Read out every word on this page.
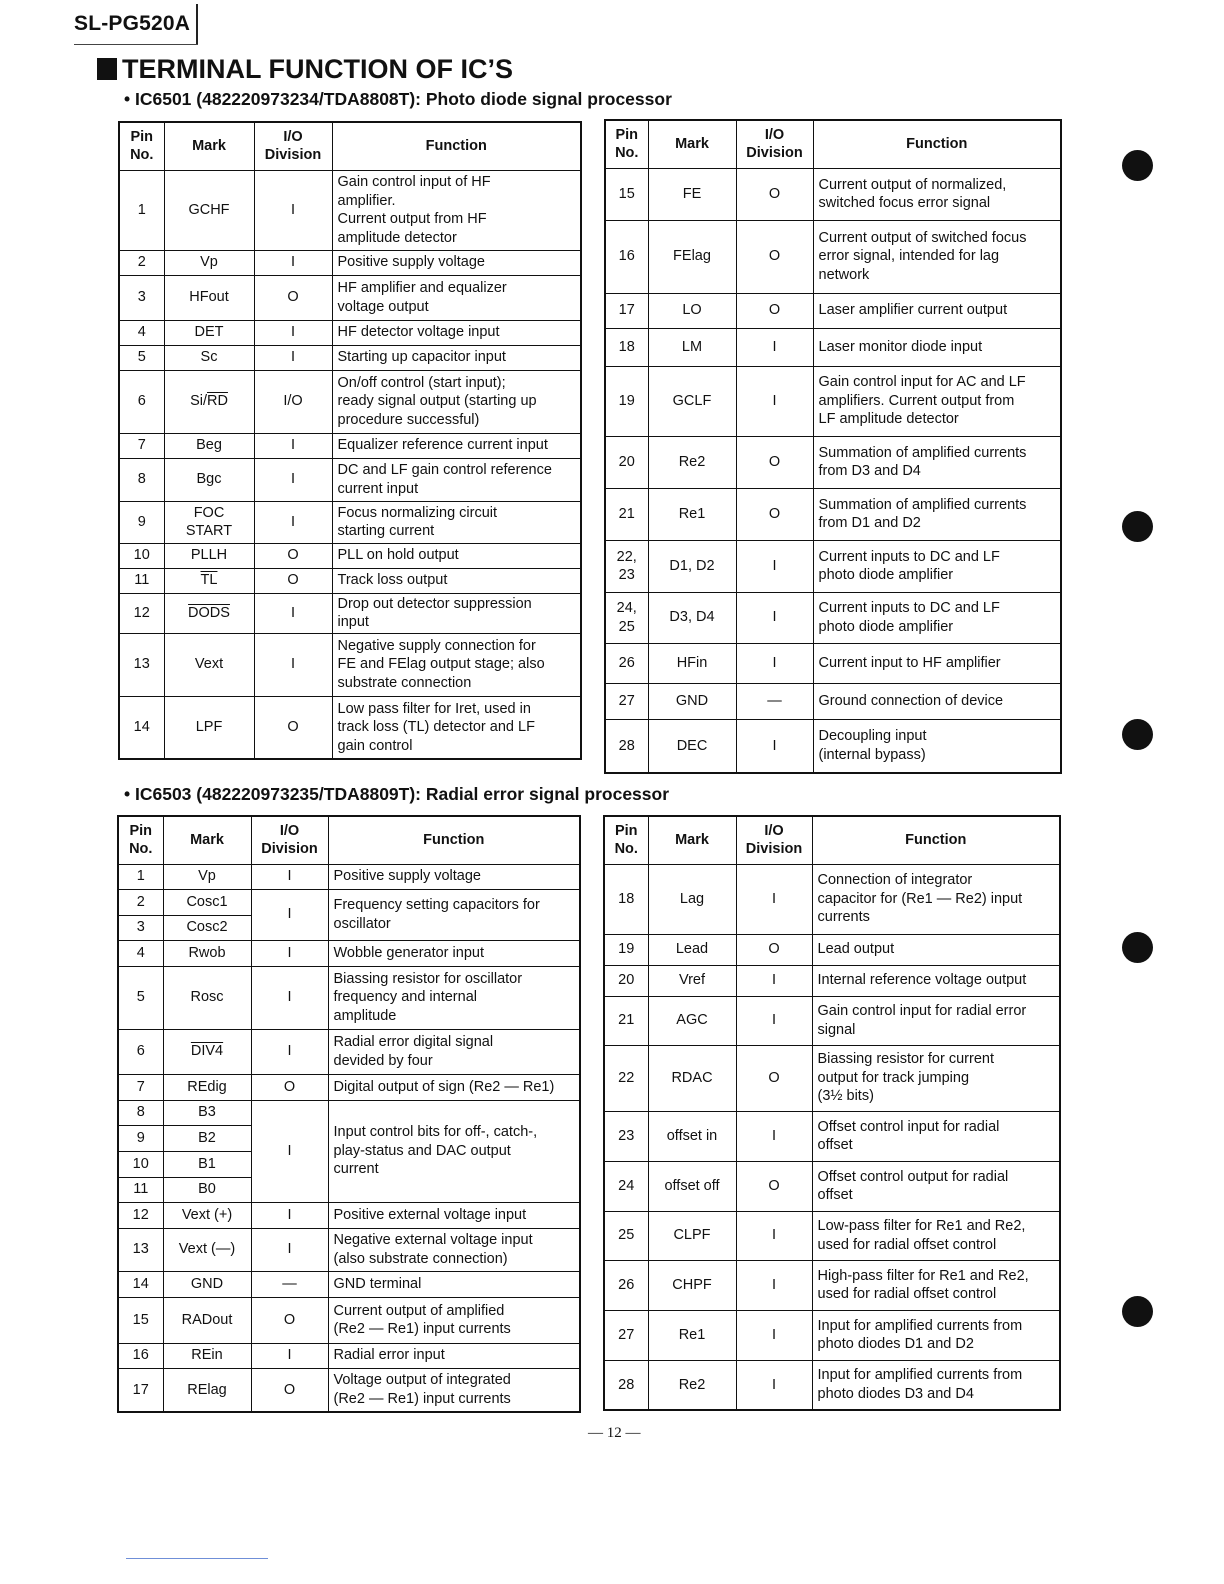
SL-PG520A
TERMINAL FUNCTION OF IC’S
• IC6501 (482220973234/TDA8808T): Photo diode signal processor
• IC6503 (482220973235/TDA8809T): Radial error signal processor
Pin
No.	Mark	I/O
Division	Function
1	GCHF	I	Gain control input of HF
amplifier.
Current output from HF
amplitude detector
2	Vp	I	Positive supply voltage
3	HFout	O	HF amplifier and equalizer
voltage output
4	DET	I	HF detector voltage input
5	Sc	I	Starting up capacitor input
6	$Si/\overline{RD}$	I/O	On/off control (start input);
ready signal output (starting up
procedure successful)
7	Beg	I	Equalizer reference current input
8	Bgc	I	DC and LF gain control reference
current input
9	FOC
START	I	Focus normalizing circuit
starting current
10	PLLH	O	PLL on hold output
11	$\overline{TL}$	O	Track loss output
12	DODS	I	Drop out detector suppression
input
13	Vext	I	Negative supply connection for
FE and FElag output stage; also
substrate connection
14	LPF	O	Low pass filter for Iret, used in
track loss (TL) detector and LF
gain control
Pin
No.	Mark	I/O
Division	Function
15	FE	O	Current output of normalized,
switched focus error signal
16	FElag	O	Current output of switched focus
error signal, intended for lag
network
17	LO	O	Laser amplifier current output
18	LM	I	Laser monitor diode input
19	GCLF	I	Gain control input for AC and LF
amplifiers. Current output from
LF amplitude detector
20	Re2	O	Summation of amplified currents
from D3 and D4
21	Re1	O	Summation of amplified currents
from D1 and D2
22,
23	D1, D2	I	Current inputs to DC and LF
photo diode amplifier
24,
25	D3, D4	I	Current inputs to DC and LF
photo diode amplifier
26	HFin	I	Current input to HF amplifier
27	GND	—	Ground connection of device
28	DEC	I	Decoupling input
(internal bypass)
Pin
No.	Mark	I/O
Division	Function
1	Vp	I	Positive supply voltage
2	Cosc1	I	Frequency setting capacitors for
oscillator
3	Cosc2		
4	Rwob	I	Wobble generator input
5	Rosc	I	Biassing resistor for oscillator
frequency and internal
amplitude
6	DIV4	I	Radial error digital signal
devided by four
7	REdig	O	Digital output of sign (Re2 — Re1)
8	B3	I	Input control bits for off-, catch-,
play-status and DAC output
current
9	B2		
10	B1		
11	B0		
12	Vext (+)	I	Positive external voltage input
13	Vext (—)	I	Negative external voltage input
(also substrate connection)
14	GND	—	GND terminal
15	RADout	O	Current output of amplified
(Re2 — Re1) input currents
16	REin	I	Radial error input
17	RElag	O	Voltage output of integrated
(Re2 — Re1) input currents
Pin
No.	Mark	I/O
Division	Function
18	Lag	I	Connection of integrator
capacitor for (Re1 — Re2) input
currents
19	Lead	O	Lead output
20	Vref	I	Internal reference voltage output
21	AGC	I	Gain control input for radial error
signal
22	RDAC	O	Biassing resistor for current
output for track jumping
(3½ bits)
23	offset in	I	Offset control input for radial
offset
24	offset off	O	Offset control output for radial
offset
25	CLPF	I	Low-pass filter for Re1 and Re2,
used for radial offset control
26	CHPF	I	High-pass filter for Re1 and Re2,
used for radial offset control
27	Re1	I	Input for amplified currents from
photo diodes D1 and D2
28	Re2	I	Input for amplified currents from
photo diodes D3 and D4
— 12 —
